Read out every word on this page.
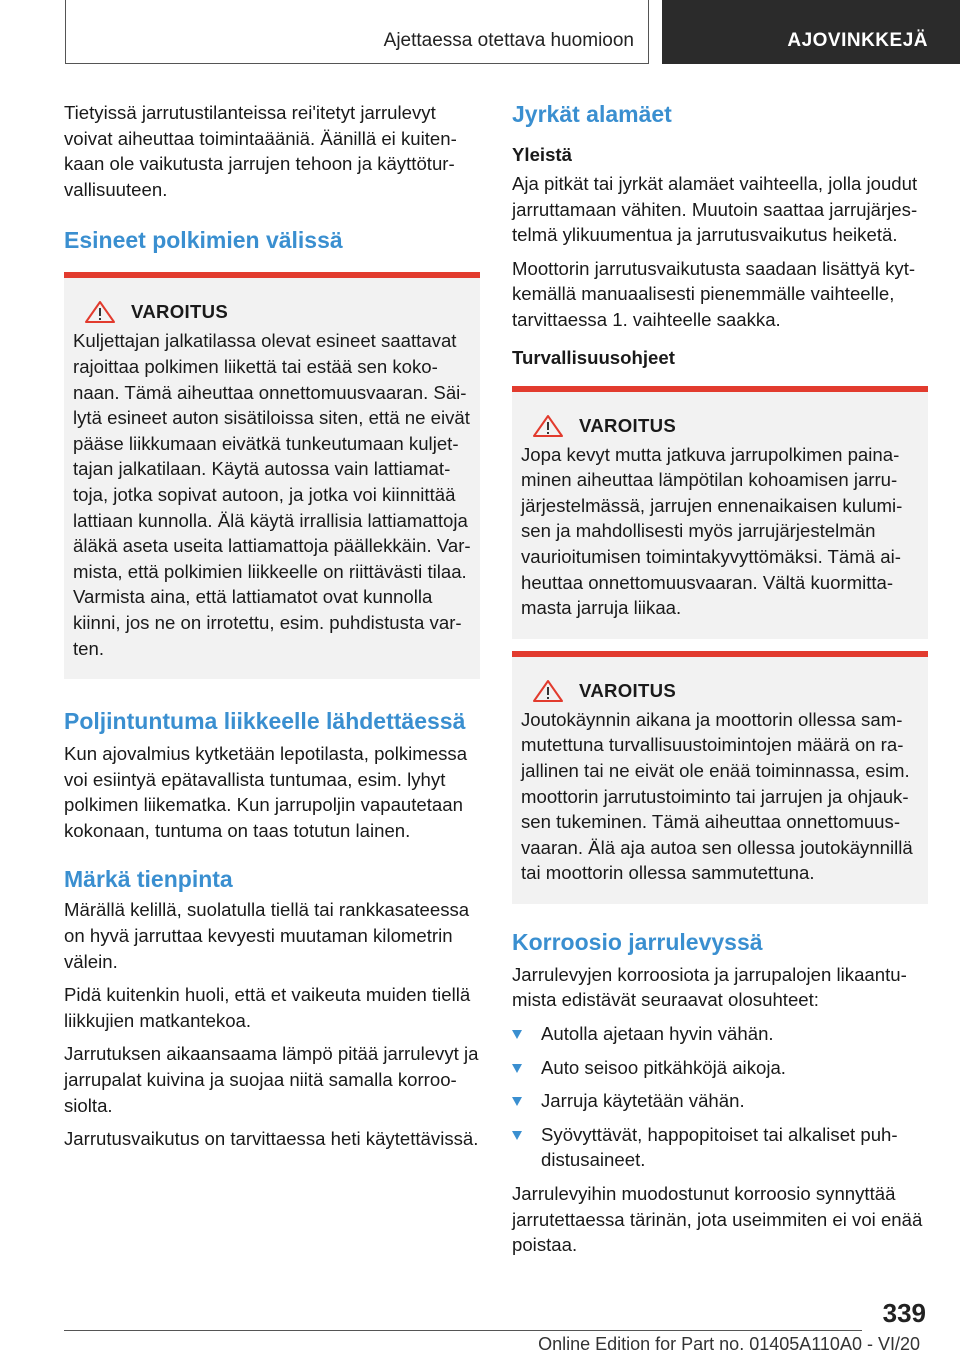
Ajettaessa otettava huomioon	AJOVINKKEJÄ

Tietyissä jarrutustilanteissa rei'itetyt jarrulevyt voivat aiheuttaa toimintaääniä. Äänillä ei kuitenkaan ole vaikutusta jarrujen tehoon ja käyttöturvallisuuteen.

Esineet polkimien välissä
VAROITUS
Kuljettajan jalkatilassa olevat esineet saattavat rajoittaa polkimen liikettä tai estää sen kokonaan. Tämä aiheuttaa onnettomuusvaaran. Säilytä esineet auton sisätiloissa siten, että ne eivät pääse liikkumaan eivätkä tunkeutumaan kuljettajan jalkatilaan. Käytä autossa vain lattiamattoja, jotka sopivat autoon, ja jotka voi kiinnittää lattiaan kunnolla. Älä käytä irrallisia lattiamattoja äläkä aseta useita lattiamattoja päällekkäin. Varmista, että polkimien liikkeelle on riittävästi tilaa. Varmista aina, että lattiamatot ovat kunnolla kiinni, jos ne on irrotettu, esim. puhdistusta varten.
Poljintuntuma liikkeelle lähdettäessä

Kun ajovalmius kytketään lepotilasta, polkimessa voi esiintyä epätavallista tuntumaa, esim. lyhyt polkimen liikematka. Kun jarrupoljin vapautetaan kokonaan, tuntuma on taas totutun lainen.

Märkä tienpinta

Märällä kelillä, suolatulla tiellä tai rankkasateessa on hyvä jarruttaa kevyesti muutaman kilometrin välein.

Pidä kuitenkin huoli, että et vaikeuta muiden tiellä liikkujien matkantekoa.

Jarrutuksen aikaansaama lämpö pitää jarrulevyt ja jarrupalat kuivina ja suojaa niitä samalla korroosiolta.

Jarrutusvaikutus on tarvittaessa heti käytettävissä.

Jyrkät alamäet
Yleistä

Aja pitkät tai jyrkät alamäet vaihteella, jolla joudut jarruttamaan vähiten. Muutoin saattaa jarrujärjestelmä ylikuumentua ja jarrutusvaikutus heiketä.

Moottorin jarrutusvaikutusta saadaan lisättyä kytkemällä manuaalisesti pienemmälle vaihteelle, tarvittaessa 1. vaihteelle saakka.

Turvallisuusohjeet
VAROITUS
Jopa kevyt mutta jatkuva jarrupolkimen painaminen aiheuttaa lämpötilan kohoamisen jarrujärjestelmässä, jarrujen ennenaikaisen kulumisen ja mahdollisesti myös jarrujärjestelmän vaurioitumisen toimintakyvyttömäksi. Tämä aiheuttaa onnettomuusvaaran. Vältä kuormittamasta jarruja liikaa.
VAROITUS
Joutokäynnin aikana ja moottorin ollessa sammutettuna turvallisuustoimintojen määrä on rajallinen tai ne eivät ole enää toiminnassa, esim. moottorin jarrutustoiminto tai jarrujen ja ohjauksen tukeminen. Tämä aiheuttaa onnettomuusvaaran. Älä aja autoa sen ollessa joutokäynnillä tai moottorin ollessa sammutettuna.
Korroosio jarrulevyssä

Jarrulevyjen korroosiota ja jarrupalojen likaantumista edistävät seuraavat olosuhteet:

Autolla ajetaan hyvin vähän.
Auto seisoo pitkähköjä aikoja.
Jarruja käytetään vähän.
Syövyttävät, happopitoiset tai alkaliset puhdistusaineet.

Jarrulevyihin muodostunut korroosio synnyttää jarrutettaessa tärinän, jota useimmiten ei voi enää poistaa.

339
Online Edition for Part no. 01405A110A0 - VI/20
